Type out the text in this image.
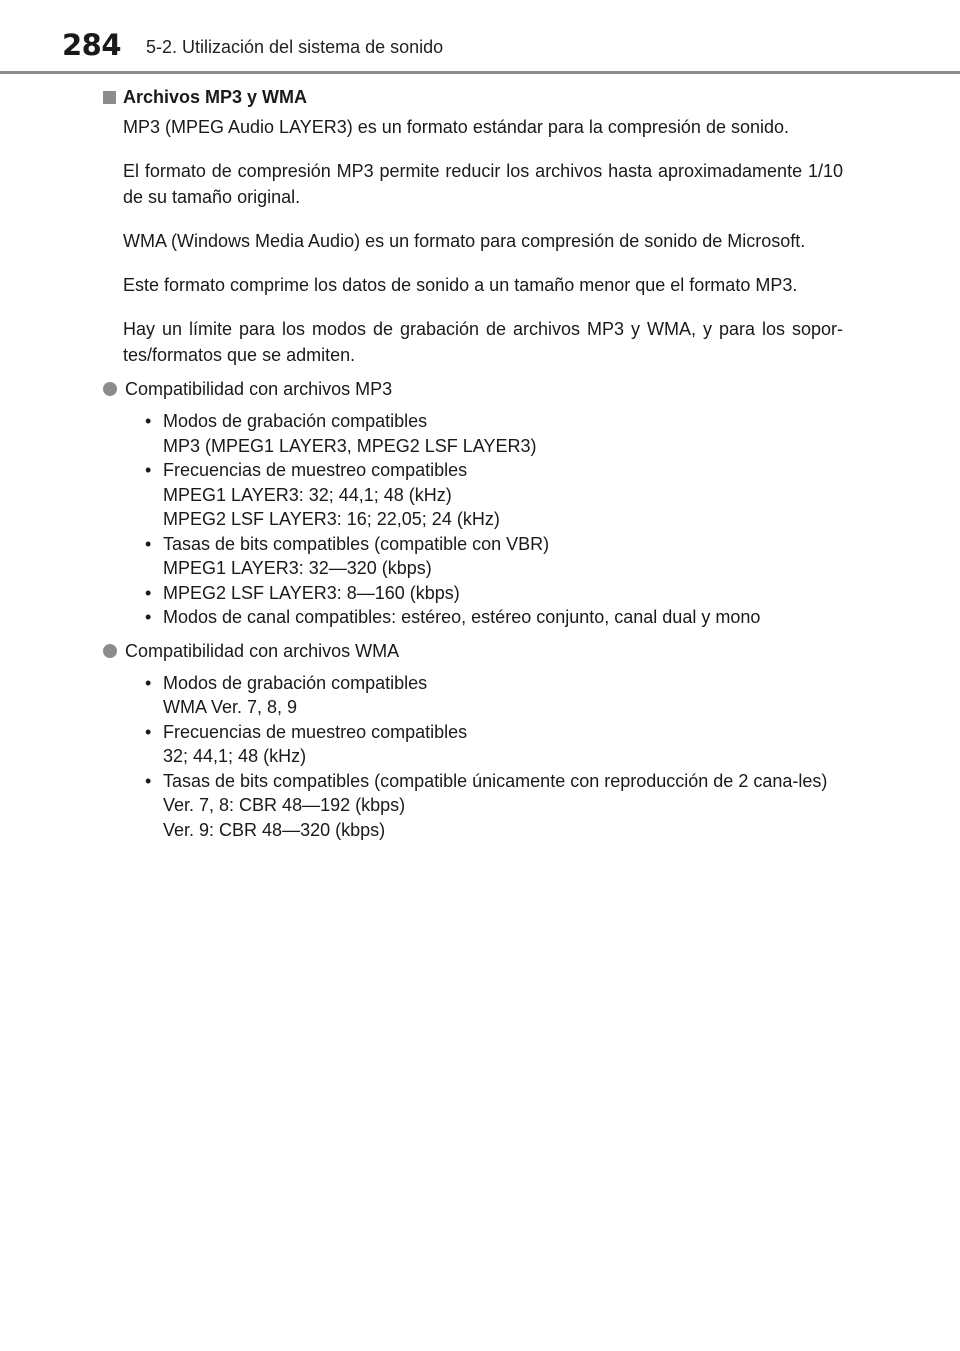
284 5-2. Utilización del sistema de sonido
Archivos MP3 y WMA

MP3 (MPEG Audio LAYER3) es un formato estándar para la compresión de sonido.

El formato de compresión MP3 permite reducir los archivos hasta aproximadamente 1/10 de su tamaño original.

WMA (Windows Media Audio) es un formato para compresión de sonido de Microsoft.

Este formato comprime los datos de sonido a un tamaño menor que el formato MP3.

Hay un límite para los modos de grabación de archivos MP3 y WMA, y para los sopor-tes/formatos que se admiten.

Compatibilidad con archivos MP3
• Modos de grabación compatibles
MP3 (MPEG1 LAYER3, MPEG2 LSF LAYER3)
• Frecuencias de muestreo compatibles
MPEG1 LAYER3: 32; 44,1; 48 (kHz)
MPEG2 LSF LAYER3: 16; 22,05; 24 (kHz)
• Tasas de bits compatibles (compatible con VBR)
MPEG1 LAYER3: 32—320 (kbps)
• MPEG2 LSF LAYER3: 8—160 (kbps)
• Modos de canal compatibles: estéreo, estéreo conjunto, canal dual y mono
Compatibilidad con archivos WMA
• Modos de grabación compatibles
WMA Ver. 7, 8, 9
• Frecuencias de muestreo compatibles
32; 44,1; 48 (kHz)
• Tasas de bits compatibles (compatible únicamente con reproducción de 2 cana-les)
Ver. 7, 8: CBR 48—192 (kbps)
Ver. 9: CBR 48—320 (kbps)
